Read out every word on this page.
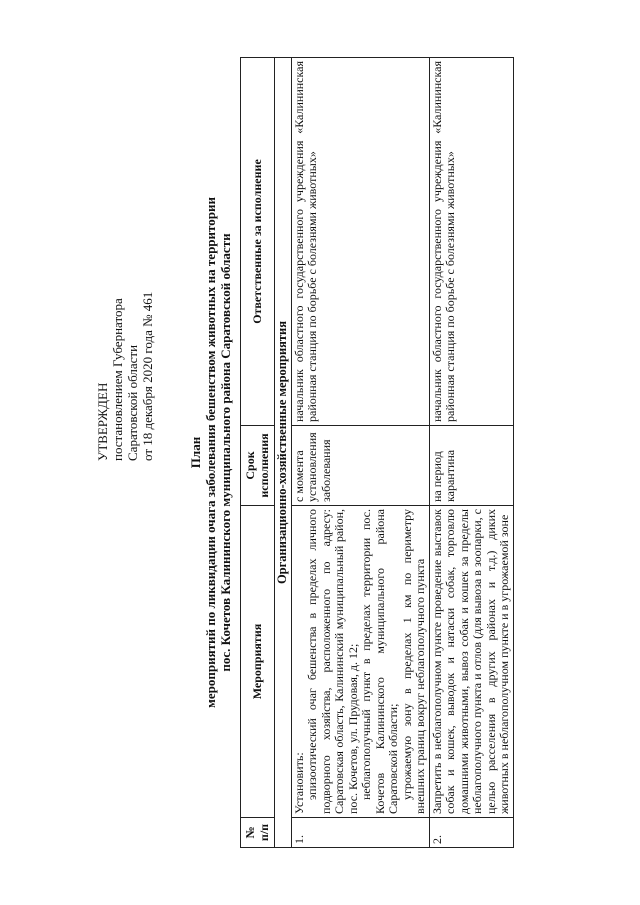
УТВЕРЖДЕН постановлением Губернатора Саратовской области от 18 декабря 2020 года № 461	План мероприятий по ликвидации очага заболевания бешенством животных на территории пос. Кочетов Калининского муниципального района Саратовской области
№ п/п	Мероприятия	Срок исполнения	Ответственные за исполнение
Организационно-хозяйственные мероприятия			
1.	Установить: эпизоотический очаг бешенства в пределах личного подворного хозяйства, расположенного по адресу: Саратовская область, Калининский муниципальный район, пос. Кочетов, ул. Прудовая, д. 12; неблагополучный пункт в пределах территории пос. Кочетов Калининского муниципального района Саратовской области; угрожаемую зону в пределах 1 км по периметру внешних границ вокруг неблагополучного пункта	с момента установления заболевания	начальник областного государственного учреждения «Калининская районная станция по борьбе с болезнями животных»
2.	Запретить в неблагополучном пункте проведение выставок собак и кошек, выводок и натаски собак, торговлю домашними животными, вывоз собак и кошек за пределы неблагополучного пункта и отлов (для вывоза в зоопарки, с целью расселения в других районах и т.д.) диких животных в неблагополучном пункте и в угрожаемой зоне	на период карантина	начальник областного государственного учреждения «Калининская районная станция по борьбе с болезнями животных»
